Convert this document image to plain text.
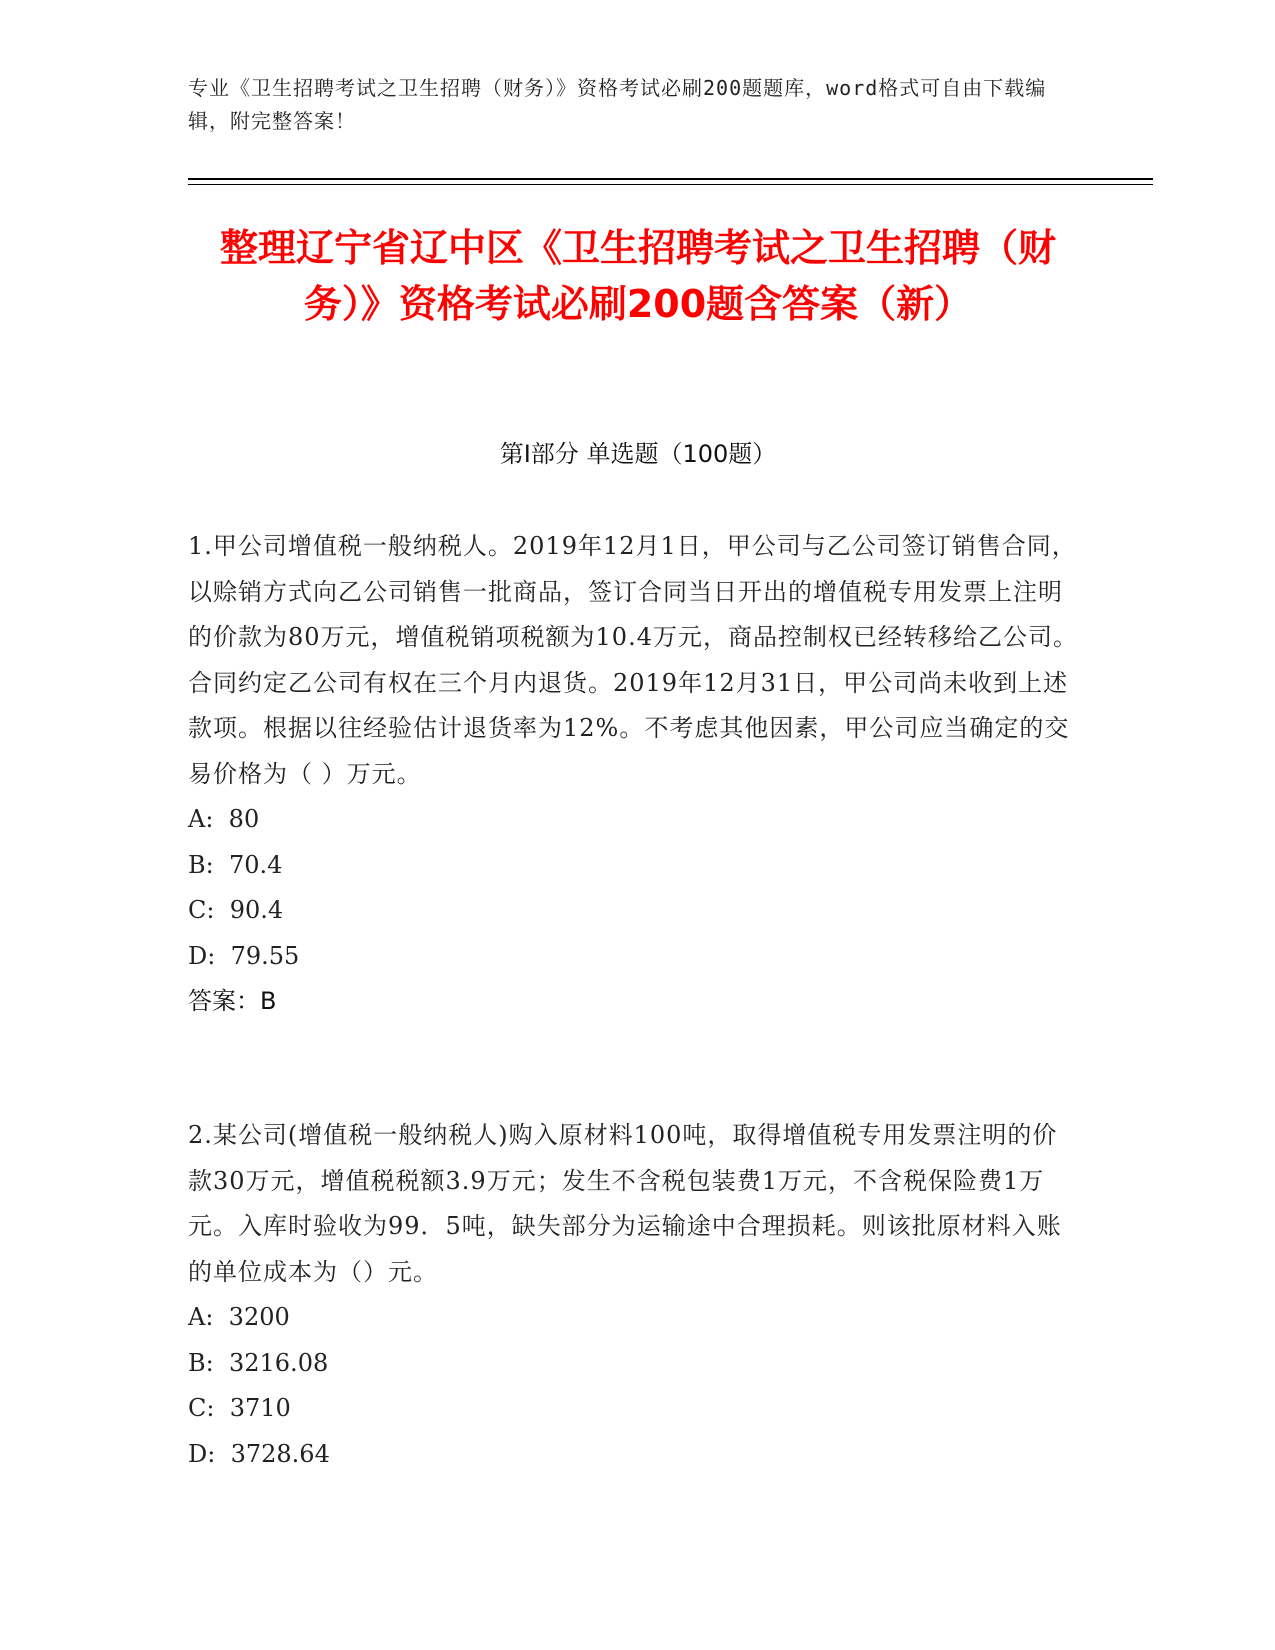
专业《卫生招聘考试之卫生招聘（财务）》资格考试必刷200题题库，word格式可自由下载编辑，附完整答案！
整理辽宁省辽中区《卫生招聘考试之卫生招聘（财务）》资格考试必刷200题含答案（新）
第I部分 单选题（100题）

1.甲公司增值税一般纳税人。2019年12月1日，甲公司与乙公司签订销售合同，以赊销方式向乙公司销售一批商品，签订合同当日开出的增值税专用发票上注明的价款为80万元，增值税销项税额为10.4万元，商品控制权已经转移给乙公司。合同约定乙公司有权在三个月内退货。2019年12月31日，甲公司尚未收到上述款项。根据以往经验估计退货率为12%。不考虑其他因素，甲公司应当确定的交易价格为（ ）万元。

A:  80

B:  70.4

C:  90.4

D:  79.55

答案：B

2.某公司(增值税一般纳税人)购入原材料100吨，取得增值税专用发票注明的价款30万元，增值税税额3.9万元；发生不含税包装费1万元，不含税保险费1万元。入库时验收为99．5吨，缺失部分为运输途中合理损耗。则该批原材料入账的单位成本为（）元。

A:  3200

B:  3216.08

C:  3710

D:  3728.64
